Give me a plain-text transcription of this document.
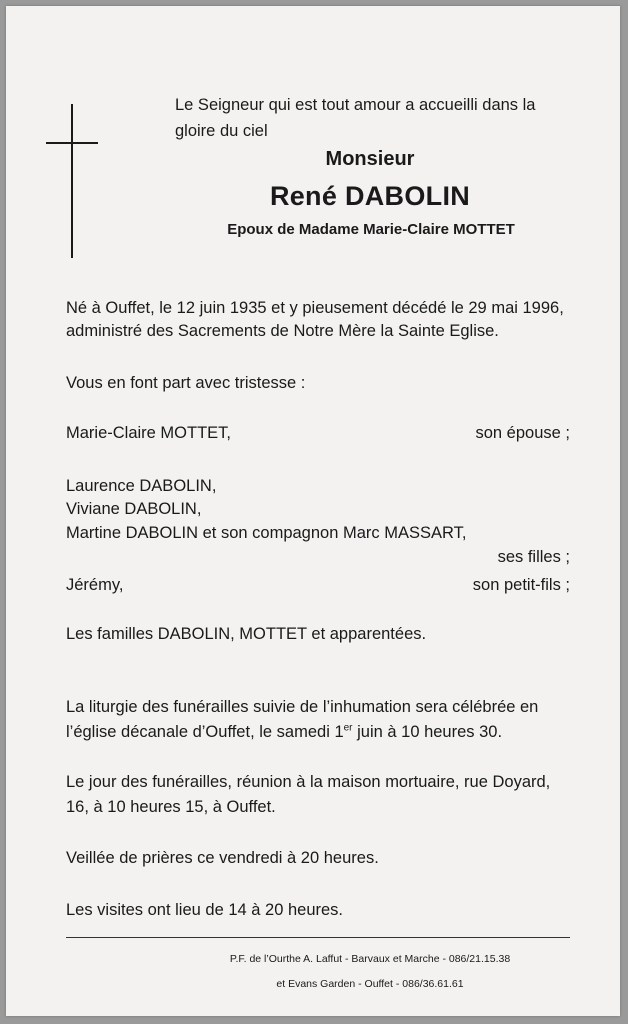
Le Seigneur qui est tout amour a accueilli dans la gloire du ciel
Monsieur
René DABOLIN
Epoux de Madame Marie-Claire MOTTET
Né à Ouffet, le 12 juin 1935 et y pieusement décédé le 29 mai 1996,
administré des Sacrements de Notre Mère la Sainte Eglise.
Vous en font part avec tristesse :
Marie-Claire MOTTET,	son épouse ;
Laurence DABOLIN,
Viviane DABOLIN,
Martine DABOLIN et son compagnon Marc MASSART,
ses filles ;
Jérémy,	son petit-fils ;
Les familles DABOLIN, MOTTET et apparentées.
La liturgie des funérailles suivie de l’inhumation sera célébrée en
l’église décanale d’Ouffet, le samedi 1er juin à 10 heures 30.
Le jour des funérailles, réunion à la maison mortuaire, rue Doyard,
16, à 10 heures 15, à Ouffet.
Veillée de prières ce vendredi à 20 heures.
Les visites ont lieu de 14 à 20 heures.
P.F. de l’Ourthe A. Laffut - Barvaux et Marche - 086/21.15.38
et Evans Garden - Ouffet - 086/36.61.61
